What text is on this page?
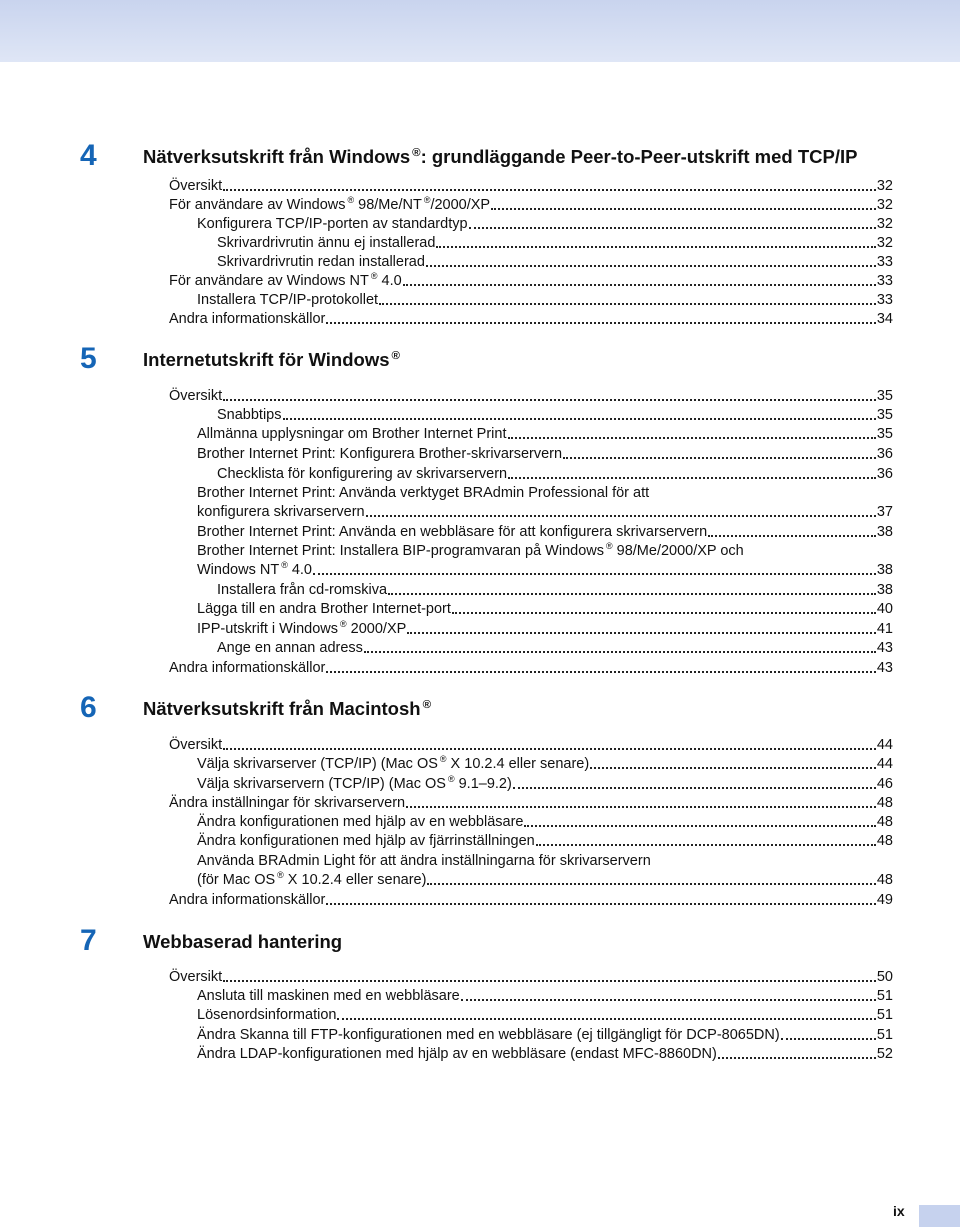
4	Nätverksutskrift från Windows ®: grundläggande Peer-to-Peer-utskrift med TCP/IP
Översikt	32
För användare av Windows ® 98/Me/NT ®/2000/XP	32
Konfigurera TCP/IP-porten av standardtyp	32
Skrivardrivrutin ännu ej installerad	32
Skrivardrivrutin redan installerad	33
För användare av Windows NT ® 4.0	33
Installera TCP/IP-protokollet	33
Andra informationskällor	34
5	Internetutskrift för Windows ®
Översikt	35
Snabbtips	35
Allmänna upplysningar om Brother Internet Print	35
Brother Internet Print: Konfigurera Brother-skrivarservern	36
Checklista för konfigurering av skrivarservern	36
Brother Internet Print: Använda verktyget BRAdmin Professional för att
konfigurera skrivarservern	37
Brother Internet Print: Använda en webbläsare för att konfigurera skrivarservern	38
Brother Internet Print: Installera BIP-programvaran på Windows ® 98/Me/2000/XP och
Windows NT ® 4.0	38
Installera från cd-romskiva	38
Lägga till en andra Brother Internet-port	40
IPP-utskrift i Windows ® 2000/XP	41
Ange en annan adress	43
Andra informationskällor	43
6	Nätverksutskrift från Macintosh ®
Översikt	44
Välja skrivarserver (TCP/IP) (Mac OS ® X 10.2.4 eller senare)	44
Välja skrivarservern (TCP/IP) (Mac OS ® 9.1–9.2)	46
Ändra inställningar för skrivarservern	48
Ändra konfigurationen med hjälp av en webbläsare	48
Ändra konfigurationen med hjälp av fjärrinställningen	48
Använda BRAdmin Light för att ändra inställningarna för skrivarservern
(för Mac OS ® X 10.2.4 eller senare)	48
Andra informationskällor	49
7	Webbaserad hantering
Översikt	50
Ansluta till maskinen med en webbläsare	51
Lösenordsinformation	51
Ändra Skanna till FTP-konfigurationen med en webbläsare (ej tillgängligt för DCP-8065DN)	51
Ändra LDAP-konfigurationen med hjälp av en webbläsare (endast MFC-8860DN)	52
ix
